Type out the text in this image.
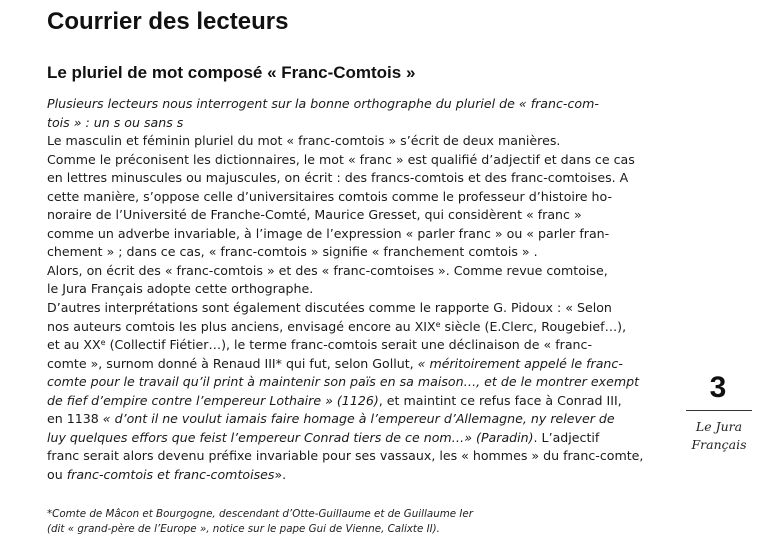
Courrier des lecteurs
Le pluriel de mot composé « Franc-Comtois »
Plusieurs lecteurs nous interrogent sur la bonne orthographe du pluriel de « franc-com-
tois » : un s ou sans s
Le masculin et féminin pluriel du mot « franc-comtois » s’écrit de deux manières.
Comme le préconisent les dictionnaires, le mot « franc » est qualifié d’adjectif et dans ce cas
en lettres minuscules ou majuscules, on écrit : des francs-comtois et des franc-comtoises. A
cette manière, s’oppose celle d’universitaires comtois comme le professeur d’histoire ho-
noraire de l’Université de Franche-Comté, Maurice Gresset, qui considèrent « franc »
comme un adverbe invariable, à l’image de l’expression « parler franc » ou « parler fran-
chement » ; dans ce cas, « franc-comtois » signifie « franchement comtois » .
Alors, on écrit des « franc-comtois » et des « franc-comtoises ». Comme revue comtoise,
le Jura Français adopte cette orthographe.
D’autres interprétations sont également discutées comme le rapporte G. Pidoux : « Selon
nos auteurs comtois les plus anciens, envisagé encore au XIXe siècle (E.Clerc, Rougebief…),
et au XXe (Collectif Fiétier…), le terme franc-comtois serait une déclinaison de « franc-
comte », surnom donné à Renaud III* qui fut, selon Gollut, « méritoirement appelé le franc-
comte pour le travail qu’il print à maintenir son païs en sa maison…, et de le montrer exempt
de fief d’empire contre l’empereur Lothaire » (1126), et maintint ce refus face à Conrad III,
en 1138 « d’ont il ne voulut iamais faire homage à l’empereur d’Allemagne, ny relever de
luy quelques effors que feist l’empereur Conrad tiers de ce nom…» (Paradin). L’adjectif
franc serait alors devenu préfixe invariable pour ses vassaux, les « hommes » du franc-comte,
ou franc-comtois et franc-comtoises».
*Comte de Mâcon et Bourgogne, descendant d’Otte-Guillaume et de Guillaume Ier
(dit « grand-père de l’Europe », notice sur le pape Gui de Vienne, Calixte II).
3
Le Jura
Français
